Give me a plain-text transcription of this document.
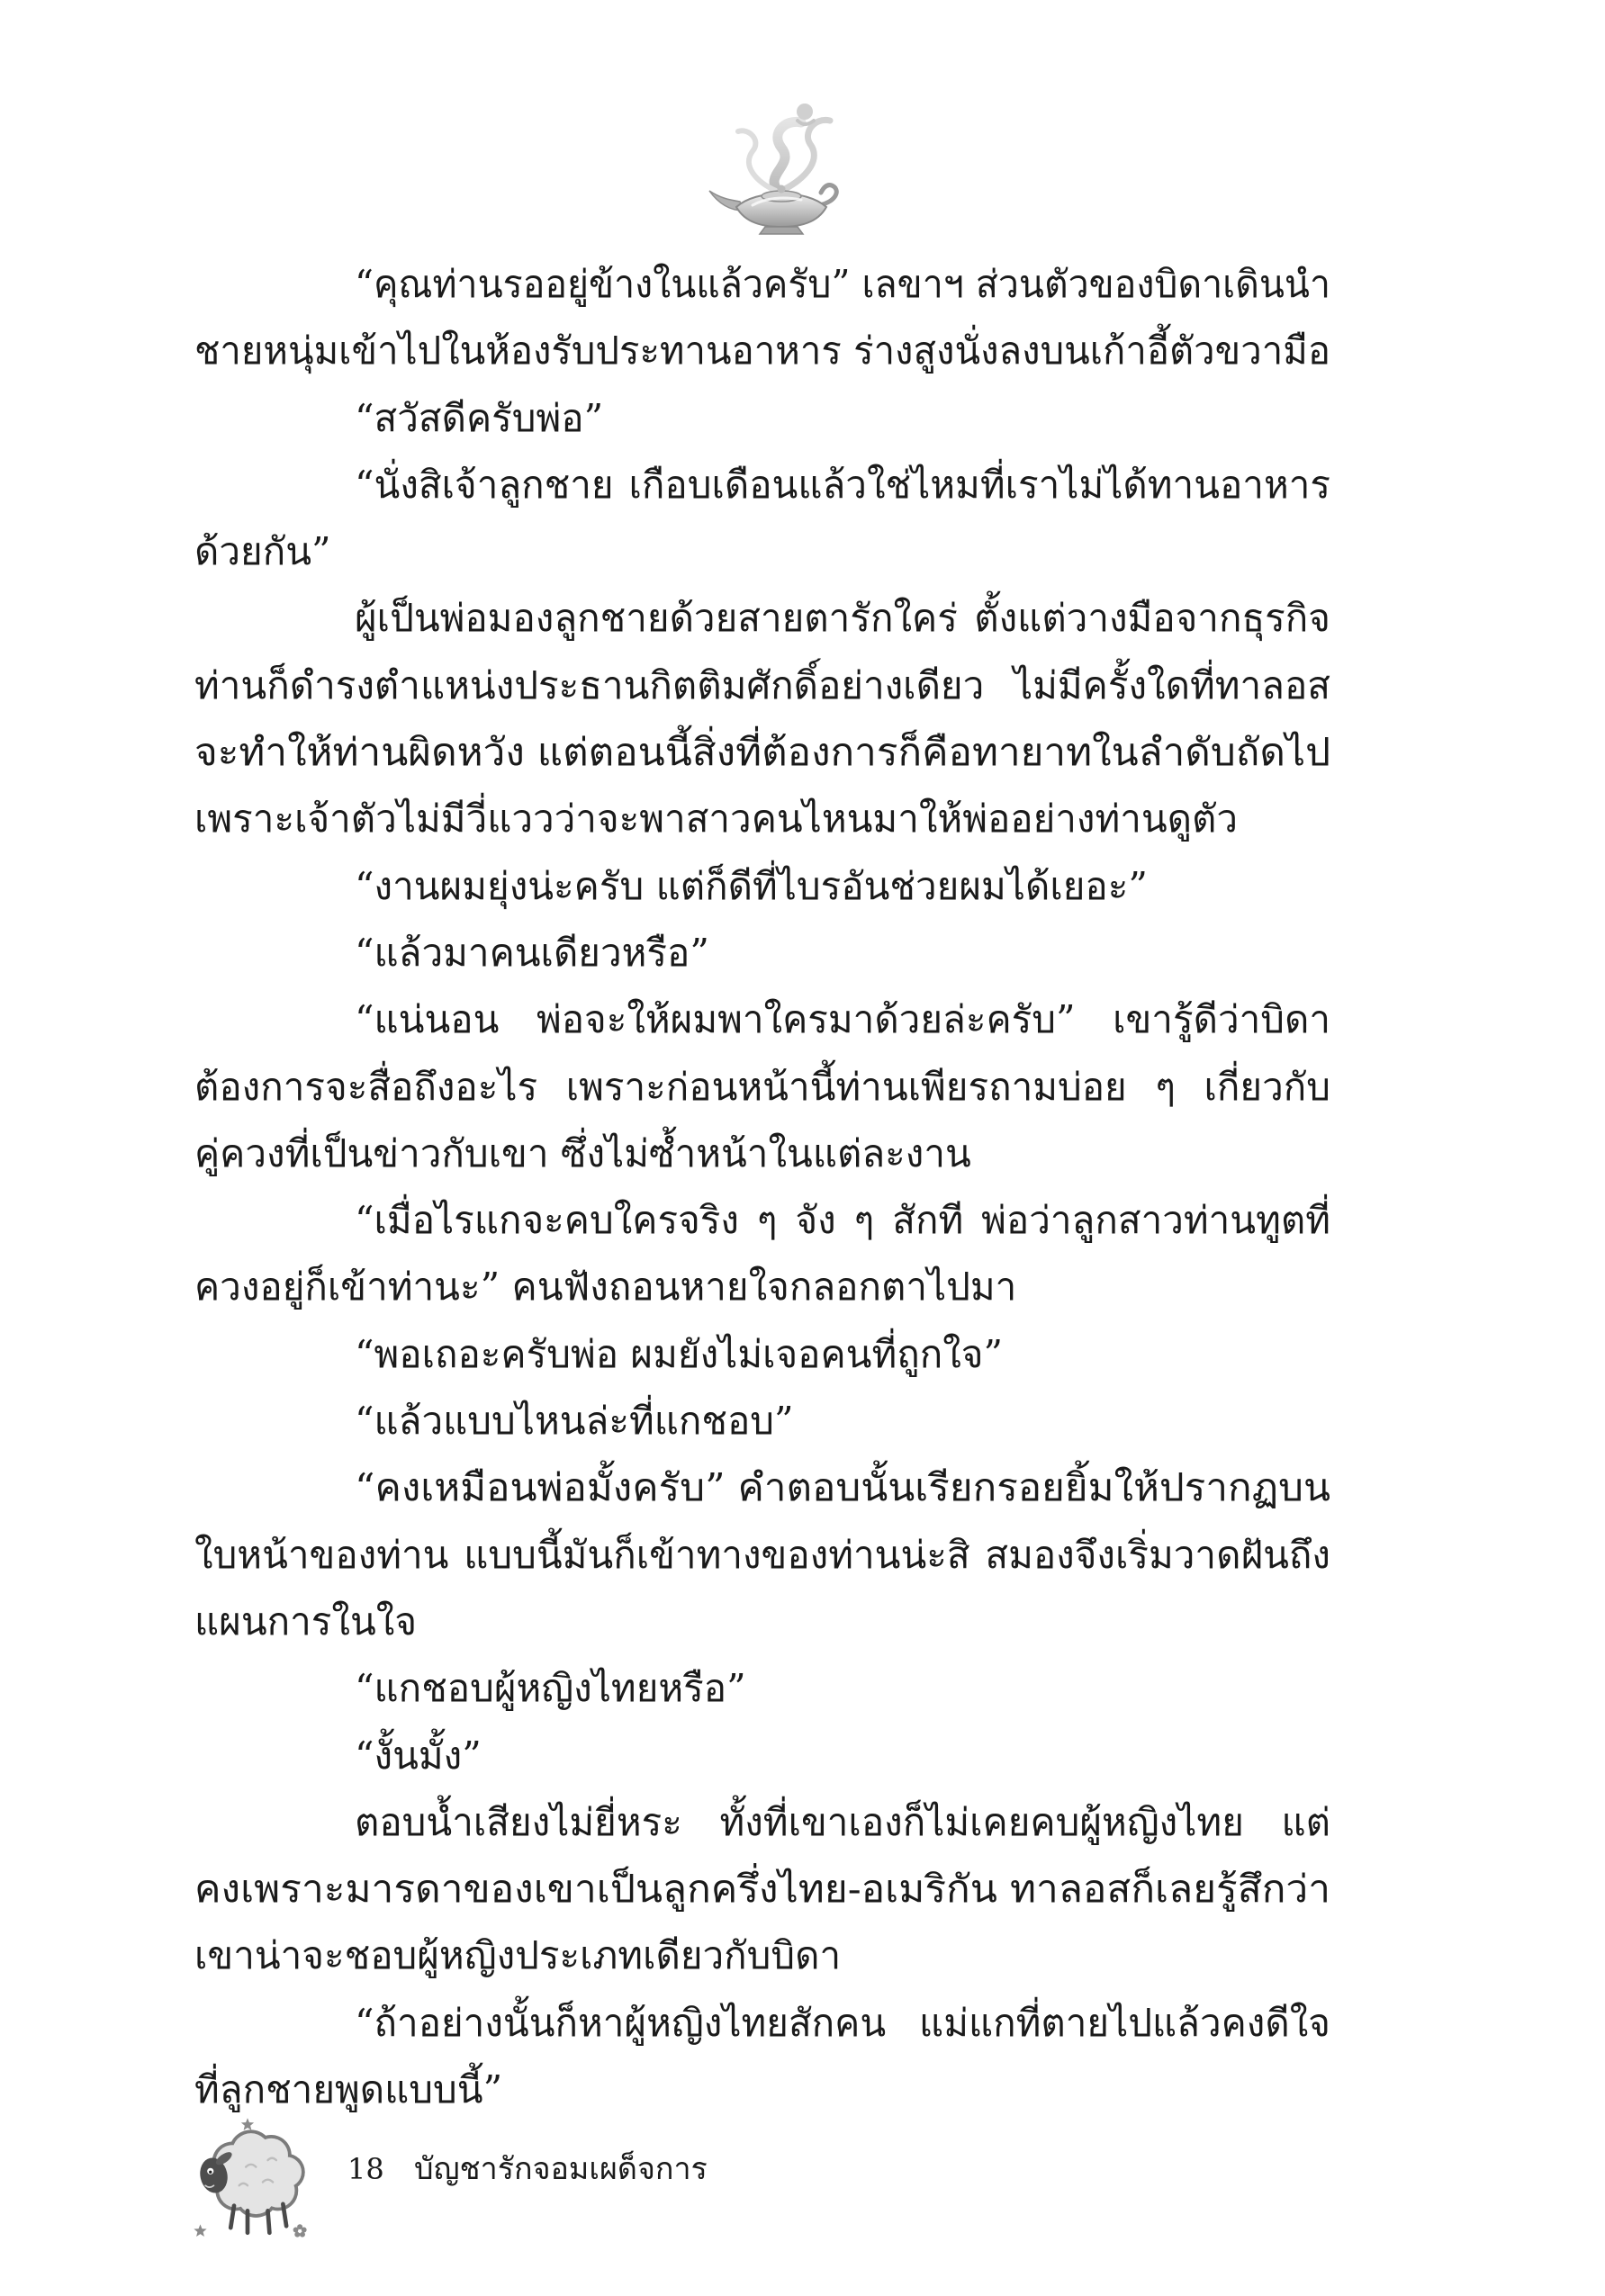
“คุณท่านรออยู่ข้างในแล้วครับ” เลขาฯ ส่วนตัวของบิดาเดินนำ
ชายหนุ่มเข้าไปในห้องรับประทานอาหาร ร่างสูงนั่งลงบนเก้าอี้ตัวขวามือ
“สวัสดีครับพ่อ”
“นั่งสิเจ้าลูกชาย เกือบเดือนแล้วใช่ไหมที่เราไม่ได้ทานอาหาร
ด้วยกัน”
ผู้เป็นพ่อมองลูกชายด้วยสายตารักใคร่ ตั้งแต่วางมือจากธุรกิจ
ท่านก็ดำรงตำแหน่งประธานกิตติมศักดิ์อย่างเดียว ไม่มีครั้งใดที่ทาลอส
จะทำให้ท่านผิดหวัง แต่ตอนนี้สิ่งที่ต้องการก็คือทายาทในลำดับถัดไป
เพราะเจ้าตัวไม่มีวี่แววว่าจะพาสาวคนไหนมาให้พ่ออย่างท่านดูตัว
“งานผมยุ่งน่ะครับ แต่ก็ดีที่ไบรอันช่วยผมได้เยอะ”
“แล้วมาคนเดียวหรือ”
“แน่นอน พ่อจะให้ผมพาใครมาด้วยล่ะครับ” เขารู้ดีว่าบิดา
ต้องการจะสื่อถึงอะไร เพราะก่อนหน้านี้ท่านเพียรถามบ่อย ๆ เกี่ยวกับ
คู่ควงที่เป็นข่าวกับเขา ซึ่งไม่ซ้ำหน้าในแต่ละงาน
“เมื่อไรแกจะคบใครจริง ๆ จัง ๆ สักที พ่อว่าลูกสาวท่านทูตที่
ควงอยู่ก็เข้าท่านะ” คนฟังถอนหายใจกลอกตาไปมา
“พอเถอะครับพ่อ ผมยังไม่เจอคนที่ถูกใจ”
“แล้วแบบไหนล่ะที่แกชอบ”
“คงเหมือนพ่อมั้งครับ” คำตอบนั้นเรียกรอยยิ้มให้ปรากฏบน
ใบหน้าของท่าน แบบนี้มันก็เข้าทางของท่านน่ะสิ สมองจึงเริ่มวาดฝันถึง
แผนการในใจ
“แกชอบผู้หญิงไทยหรือ”
“งั้นมั้ง”
ตอบน้ำเสียงไม่ยี่หระ ทั้งที่เขาเองก็ไม่เคยคบผู้หญิงไทย แต่
คงเพราะมารดาของเขาเป็นลูกครึ่งไทย-อเมริกัน ทาลอสก็เลยรู้สึกว่า
เขาน่าจะชอบผู้หญิงประเภทเดียวกับบิดา
“ถ้าอย่างนั้นก็หาผู้หญิงไทยสักคน แม่แกที่ตายไปแล้วคงดีใจ
ที่ลูกชายพูดแบบนี้”
18 บัญชารักจอมเผด็จการ
